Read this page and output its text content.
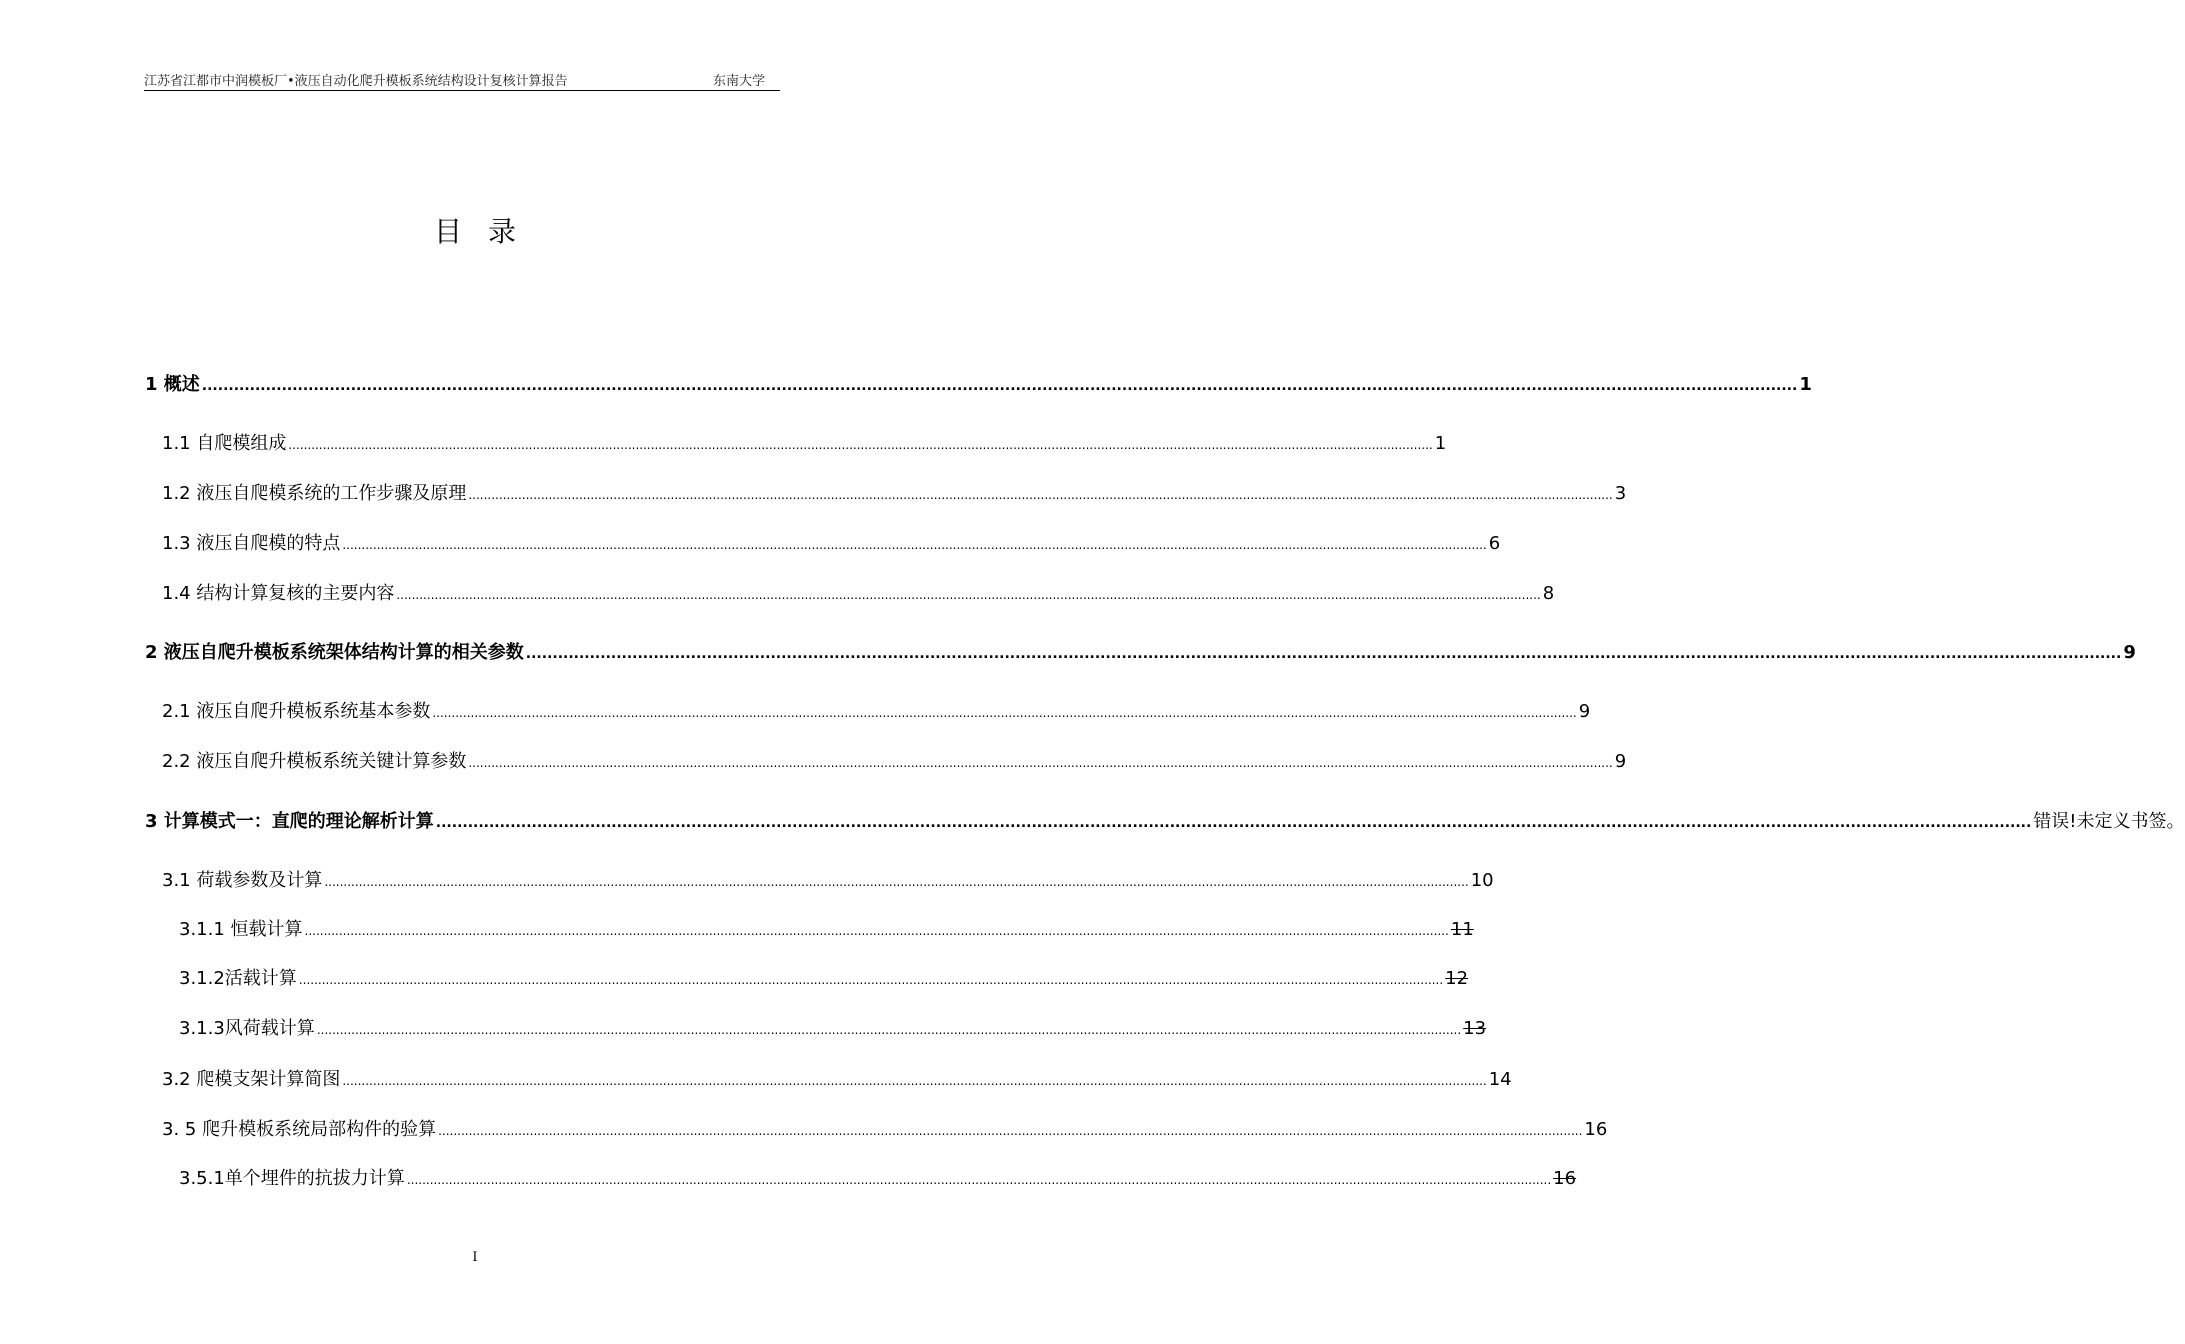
江苏省江都市中润模板厂•液压自动化爬升模板系统结构设计复核计算报告	东南大学
目录
1 概述 ............................................................................................................................................................................................................................................................................................................ 1
1.1 自爬模组成 ............................................................................................................................................................................................................................................................................................................ 1
1.2 液压自爬模系统的工作步骤及原理 ............................................................................................................................................................................................................................................................................................................ 3
1.3 液压自爬模的特点 ............................................................................................................................................................................................................................................................................................................ 6
1.4 结构计算复核的主要内容 ............................................................................................................................................................................................................................................................................................................ 8
2 液压自爬升模板系统架体结构计算的相关参数 ............................................................................................................................................................................................................................................................................................................ 9
2.1 液压自爬升模板系统基本参数 ............................................................................................................................................................................................................................................................................................................ 9
2.2 液压自爬升模板系统关键计算参数 ............................................................................................................................................................................................................................................................................................................ 9
3 计算模式一：直爬的理论解析计算 ............................................................................................................................................................................................................................................................................................................ 错误!未定义书签。
3.1 荷载参数及计算 ............................................................................................................................................................................................................................................................................................................ 10
3.1.1 恒载计算 ............................................................................................................................................................................................................................................................................................................ 11
3.1.2活载计算 ............................................................................................................................................................................................................................................................................................................ 12
3.1.3风荷载计算 ............................................................................................................................................................................................................................................................................................................ 13
3.2 爬模支架计算简图 ............................................................................................................................................................................................................................................................................................................ 14
3. 5 爬升模板系统局部构件的验算 ............................................................................................................................................................................................................................................................................................................ 16
3.5.1单个埋件的抗拔力计算 ............................................................................................................................................................................................................................................................................................................ 16
I
